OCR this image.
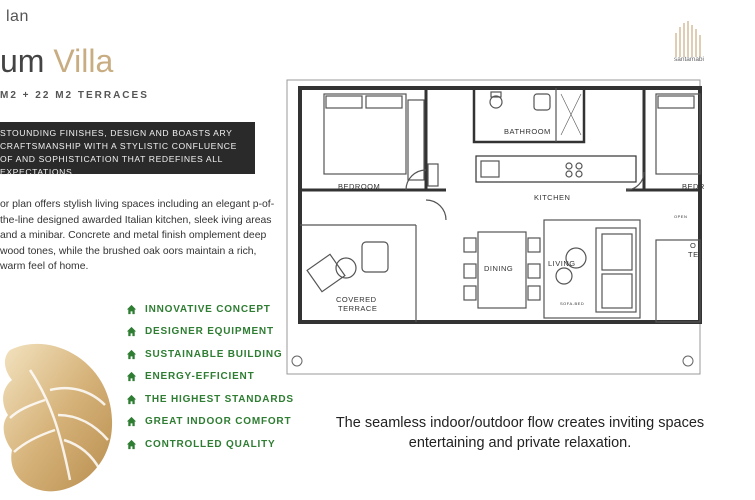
lan
um Villa
M2 + 22 M2 TERRACES
santamabi

STOUNDING FINISHES, DESIGN AND BOASTS ARY CRAFTSMANSHIP WITH A STYLISTIC CONFLUENCE OF AND SOPHISTICATION THAT REDEFINES ALL EXPECTATIONS.

or plan offers stylish living spaces including an elegant p-of-the-line designed awarded Italian kitchen, sleek iving areas and a minibar. Concrete and metal finish omplement deep wood tones, while the brushed oak oors maintain a rich, warm feel of home.
INNOVATIVE CONCEPT
DESIGNER EQUIPMENT
SUSTAINABLE BUILDING
ENERGY-EFFICIENT
THE HIGHEST STANDARDS
GREAT INDOOR COMFORT
CONTROLLED QUALITY
BEDROOM
BATHROOM
BEDR
KITCHEN
DINING
LIVING
SOFA-BED
COVERED
TERRACE
O
TE
OPEN
The seamless indoor/outdoor flow creates inviting spaces
entertaining and private relaxation.
